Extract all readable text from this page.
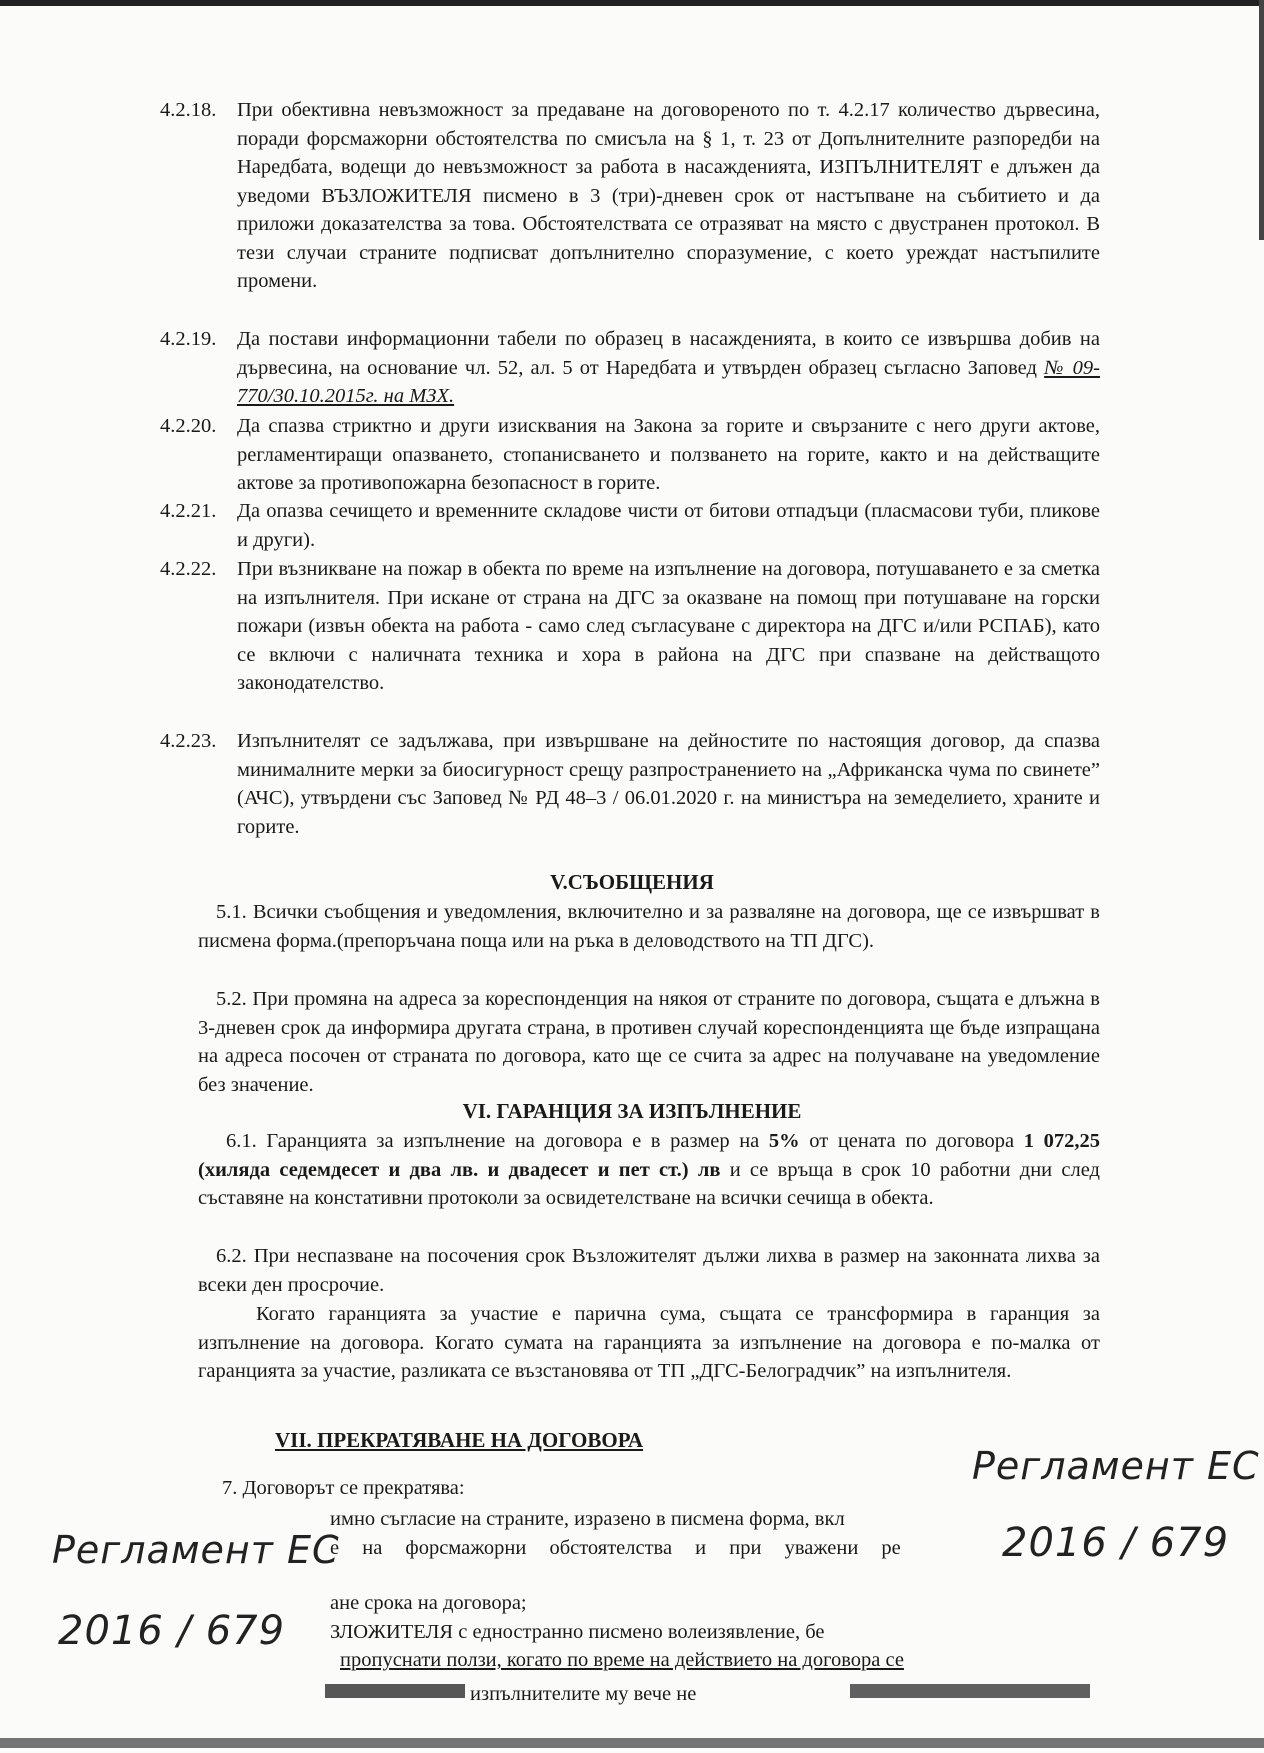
4.2.18.	При обективна невъзможност за предаване на договореното по т. 4.2.17 количество дървесина, поради форсмажорни обстоятелства по смисъла на § 1, т. 23 от Допълнителните разпоредби на Наредбата, водещи до невъзможност за работа в насажденията, ИЗПЪЛНИТЕЛЯТ е длъжен да уведоми ВЪЗЛОЖИТЕЛЯ писмено в 3 (три)-дневен срок от настъпване на събитието и да приложи доказателства за това. Обстоятелствата се отразяват на място с двустранен протокол. В тези случаи страните подписват допълнително споразумение, с което уреждат настъпилите промени.
4.2.19.	Да постави информационни табели по образец в насажденията, в които се извършва добив на дървесина, на основание чл. 52, ал. 5 от Наредбата и утвърден образец съгласно Заповед № 09-770/30.10.2015г. на МЗХ.
4.2.20.	Да спазва стриктно и други изисквания на Закона за горите и свързаните с него други актове, регламентиращи опазването, стопанисването и ползването на горите, както и на действащите актове за противопожарна безопасност в горите.
4.2.21.	Да опазва сечището и временните складове чисти от битови отпадъци (пласмасови туби, пликове и други).
4.2.22.	При възникване на пожар в обекта по време на изпълнение на договора, потушаването е за сметка на изпълнителя. При искане от страна на ДГС за оказване на помощ при потушаване на горски пожари (извън обекта на работа - само след съгласуване с директора на ДГС и/или РСПАБ), като се включи с наличната техника и хора в района на ДГС при спазване на действащото законодателство.
4.2.23.	Изпълнителят се задължава, при извършване на дейностите по настоящия договор, да спазва минималните мерки за биосигурност срещу разпространението на „Африканска чума по свинете” (АЧС), утвърдени със Заповед № РД 48–3 / 06.01.2020 г. на министъра на земеделието, храните и горите.
V.СЪОБЩЕНИЯ
5.1. Всички съобщения и уведомления, включително и за разваляне на договора, ще се извършват в писмена форма.(препоръчана поща или на ръка в деловодството на ТП ДГС).
5.2. При промяна на адреса за кореспонденция на някоя от страните по договора, същата е длъжна в 3-дневен срок да информира другата страна, в противен случай кореспонденцията ще бъде изпращана на адреса посочен от страната по договора, като ще се счита за адрес на получаване на уведомление без значение.
VI. ГАРАНЦИЯ ЗА ИЗПЪЛНЕНИЕ
6.1. Гаранцията за изпълнение на договора е в размер на 5% от цената по договора 1 072,25 (хиляда седемдесет и два лв. и двадесет и пет ст.) лв и се връща в срок 10 работни дни след съставяне на констативни протоколи за освидетелстване на всички сечища в обекта.
6.2. При неспазване на посочения срок Възложителят дължи лихва в размер на законната лихва за всеки ден просрочие.
Когато гаранцията за участие е парична сума, същата се трансформира в гаранция за изпълнение на договора. Когато сумата на гаранцията за изпълнение на договора е по-малка от гаранцията за участие, разликата се възстановява от ТП „ДГС-Белоградчик” на изпълнителя.
VII. ПРЕКРАТЯВАНЕ НА ДОГОВОРА
7. Договорът се прекратява:
имно съгласие на страните, изразено в писмена форма, вкл
е на форсмажорни обстоятелства и при уважени ре
ане срока на договора;
ЗЛОЖИТЕЛЯ с едностранно писмено волеизявление, бе
пропуснати ползи, когато по време на действието на договора се
изпълнителите му вече не
Регламент ЕС
2016 / 679
Регламент ЕС
2016 / 679
